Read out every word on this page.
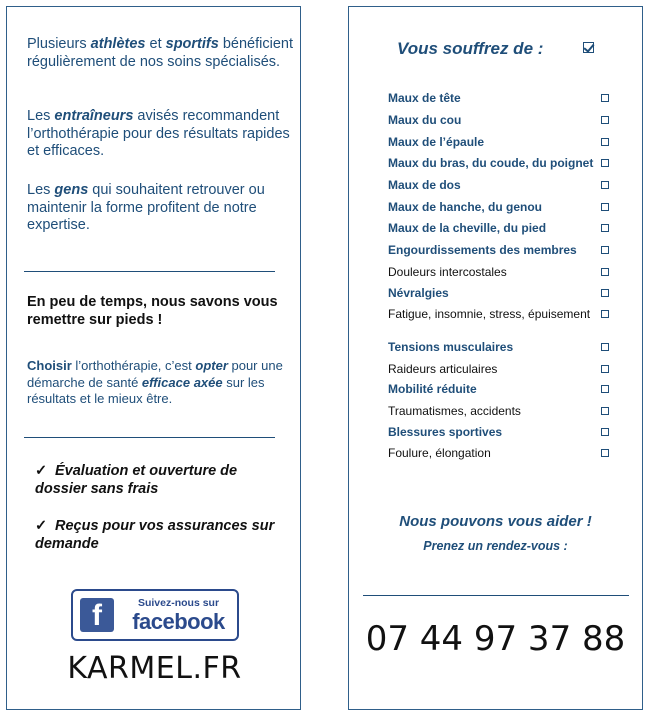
Plusieurs athlètes et sportifs bénéficient régulièrement de nos soins spécialisés.
Les entraîneurs avisés recommandent l’orthothérapie pour des résultats rapides et efficaces.
Les gens qui souhaitent retrouver ou maintenir la forme profitent de notre expertise.
En peu de temps, nous savons vous remettre sur pieds !
Choisir l’orthothérapie, c’est opter pour une démarche de santé efficace axée sur les résultats et le mieux être.
✓ Évaluation et ouverture de dossier sans frais
✓ Reçus pour vos assurances sur demande
f	Suivez-nous sur
facebook
KARMEL.FR
Vous souffrez de :
Maux de tête
Maux du cou
Maux de l’épaule
Maux du bras, du coude, du poignet
Maux de dos
Maux de hanche, du genou
Maux de la cheville, du pied
Engourdissements des membres
Douleurs intercostales
Névralgies
Fatigue, insomnie, stress, épuisement
Tensions musculaires
Raideurs articulaires
Mobilité réduite
Traumatismes, accidents
Blessures sportives
Foulure, élongation
Nous pouvons vous aider !
Prenez un rendez-vous :
07 44 97 37 88
